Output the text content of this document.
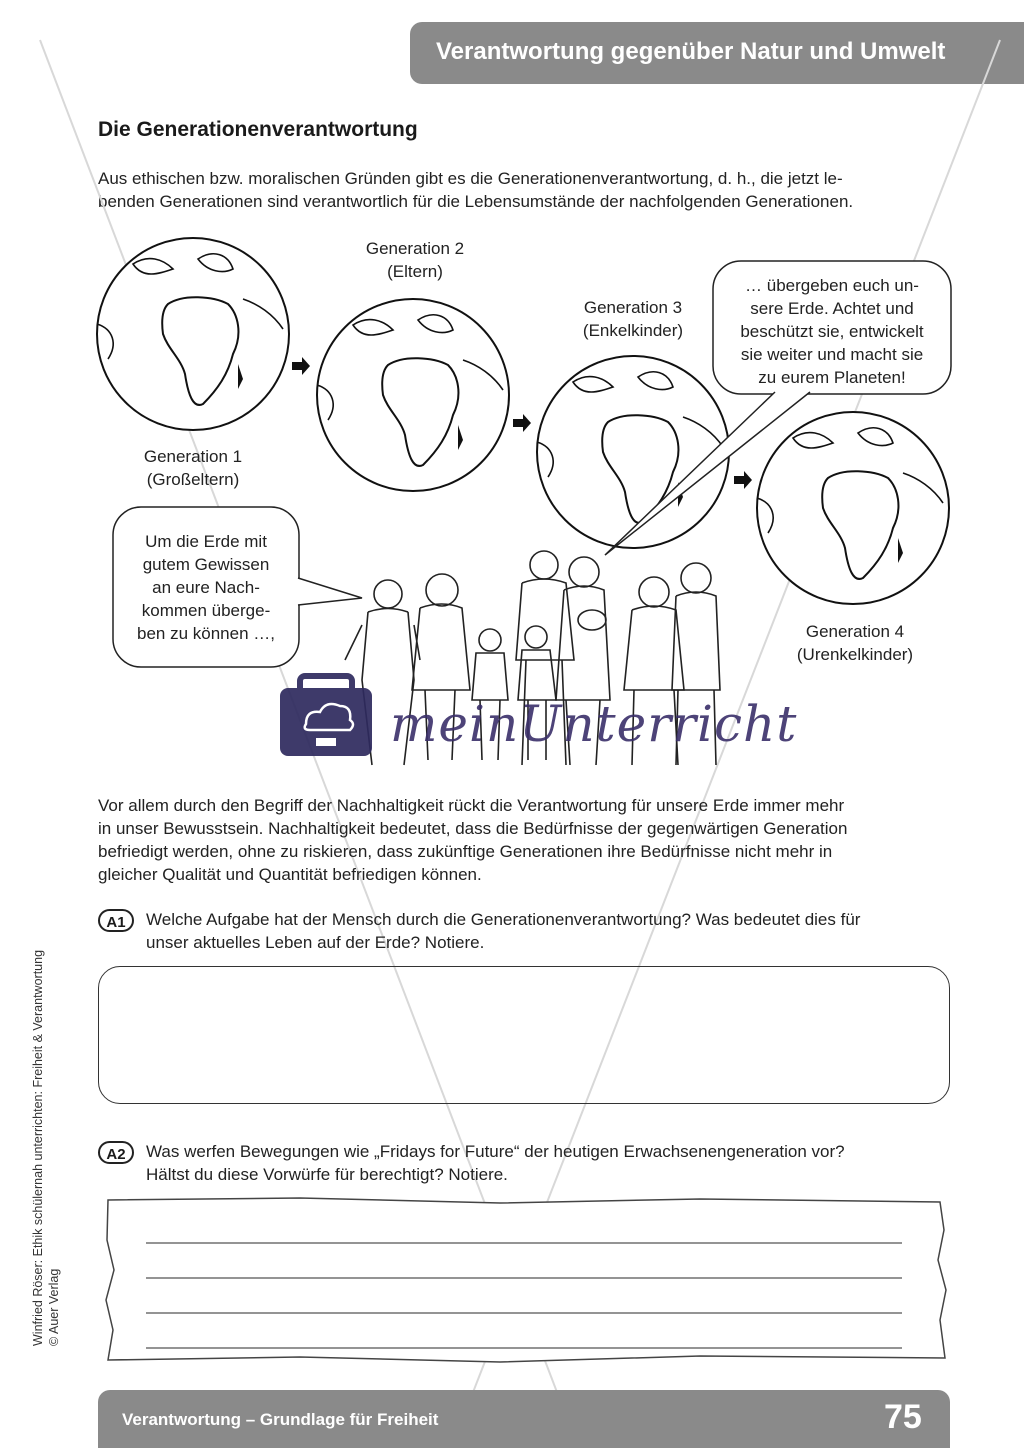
Verantwortung gegenüber Natur und Umwelt
Die Generationenverantwortung
Aus ethischen bzw. moralischen Gründen gibt es die Generationenverantwortung, d. h., die jetzt le-
benden Generationen sind verantwortlich für die Lebensumstände der nachfolgenden Generationen.
Generation 2
(Eltern)
Generation 3
(Enkelkinder)
Generation 1
(Großeltern)
Generation 4
(Urenkelkinder)
Um die Erde mit
gutem Gewissen
an eure Nach-
kommen überge-
ben zu können …,
… übergeben euch un-
sere Erde. Achtet und
beschützt sie, entwickelt
sie weiter und macht sie
zu eurem Planeten!
meinUnterricht
Vor allem durch den Begriff der Nachhaltigkeit rückt die Verantwortung für unsere Erde immer mehr
in unser Bewusstsein. Nachhaltigkeit bedeutet, dass die Bedürfnisse der gegenwärtigen Generation
befriedigt werden, ohne zu riskieren, dass zukünftige Generationen ihre Bedürfnisse nicht mehr in
gleicher Qualität und Quantität befriedigen können.
A1	Welche Aufgabe hat der Mensch durch die Generationenverantwortung? Was bedeutet dies für
unser aktuelles Leben auf der Erde? Notiere.
A2	Was werfen Bewegungen wie „Fridays for Future“ der heutigen Erwachsenengeneration vor?
Hältst du diese Vorwürfe für berechtigt? Notiere.
Winfried Röser: Ethik schülernah unterrichten: Freiheit & Verantwortung © Auer Verlag
Verantwortung – Grundlage für Freiheit	75
